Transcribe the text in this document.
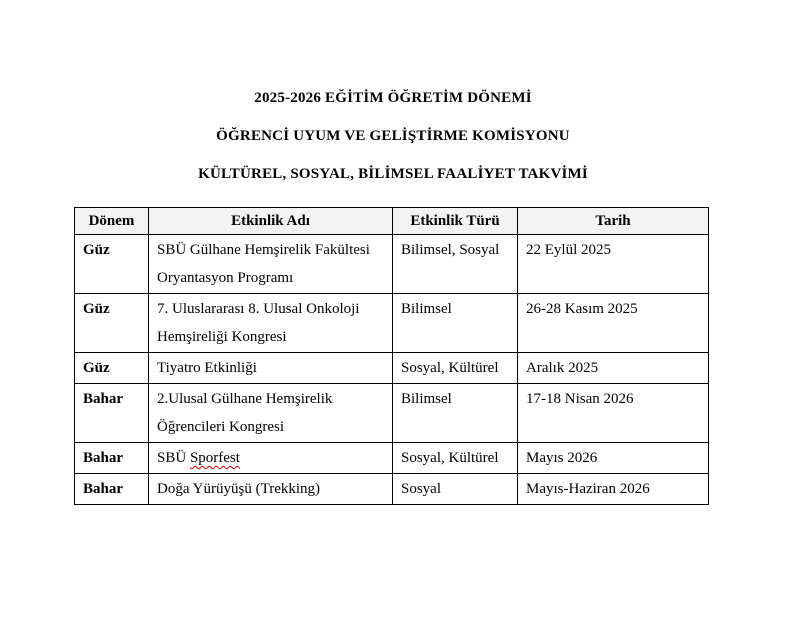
2025-2026 EĞİTİM ÖĞRETİM DÖNEMİ
ÖĞRENCİ UYUM VE GELİŞTİRME KOMİSYONU
KÜLTÜREL, SOSYAL, BİLİMSEL FAALİYET TAKVİMİ
Dönem	Etkinlik Adı	Etkinlik Türü	Tarih
Güz	SBÜ Gülhane Hemşirelik Fakültesi Oryantasyon Programı	Bilimsel, Sosyal	22 Eylül 2025
Güz	7. Uluslararası 8. Ulusal Onkoloji Hemşireliği Kongresi	Bilimsel	26-28 Kasım 2025
Güz	Tiyatro Etkinliği	Sosyal, Kültürel	Aralık 2025
Bahar	2.Ulusal Gülhane Hemşirelik Öğrencileri Kongresi	Bilimsel	17-18 Nisan 2026
Bahar	SBÜ Sporfest	Sosyal, Kültürel	Mayıs 2026
Bahar	Doğa Yürüyüşü (Trekking)	Sosyal	Mayıs-Haziran 2026
